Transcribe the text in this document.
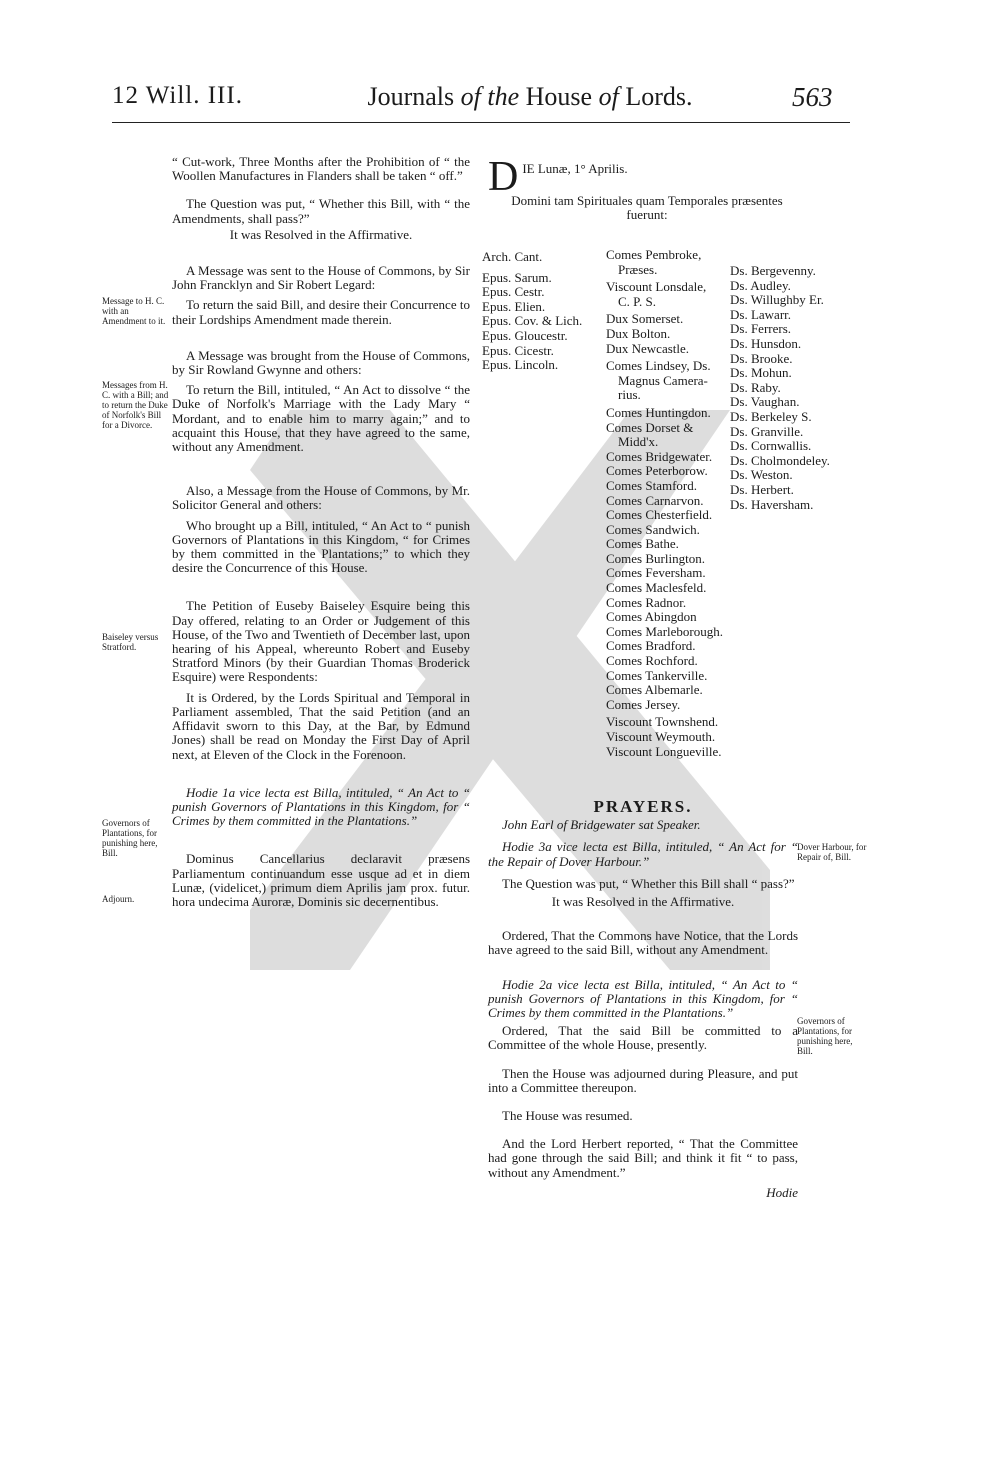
12 Will. III.	Journals of the House of Lords.	563
Message to H. C. with an Amendment to it.
Messages from H. C. with a Bill; and to return the Duke of Norfolk's Bill for a Divorce.
Baiseley versus Stratford.
Governors of Plantations, for punishing here, Bill.
Adjourn.

“ Cut-work, Three Months after the Prohibition of “ the Woollen Manufactures in Flanders shall be taken “ off.”

The Question was put, “ Whether this Bill, with “ the Amendments, shall pass?”

It was Resolved in the Affirmative.

A Message was sent to the House of Commons, by Sir John Francklyn and Sir Robert Legard:

To return the said Bill, and desire their Concurrence to their Lordships Amendment made therein.

A Message was brought from the House of Commons, by Sir Rowland Gwynne and others:

To return the Bill, intituled, “ An Act to dissolve “ the Duke of Norfolk's Marriage with the Lady Mary “ Mordant, and to enable him to marry again;” and to acquaint this House, that they have agreed to the same, without any Amendment.

Also, a Message from the House of Commons, by Mr. Solicitor General and others:

Who brought up a Bill, intituled, “ An Act to “ punish Governors of Plantations in this Kingdom, “ for Crimes by them committed in the Plantations;” to which they desire the Concurrence of this House.

The Petition of Euseby Baiseley Esquire being this Day offered, relating to an Order or Judgement of this House, of the Two and Twentieth of December last, upon hearing of his Appeal, whereunto Robert and Euseby Stratford Minors (by their Guardian Thomas Broderick Esquire) were Respondents:

It is Ordered, by the Lords Spiritual and Temporal in Parliament assembled, That the said Petition (and an Affidavit sworn to this Day, at the Bar, by Edmund Jones) shall be read on Monday the First Day of April next, at Eleven of the Clock in the Forenoon.

Hodie 1a vice lecta est Billa, intituled, “ An Act to “ punish Governors of Plantations in this Kingdom, for “ Crimes by them committed in the Plantations.”

Dominus Cancellarius declaravit præsens Parliamentum continuandum esse usque ad et in diem Lunæ, (videlicet,) primum diem Aprilis jam prox. futur. hora undecima Auroræ, Dominis sic decernentibus.

DIE Lunæ, 1° Aprilis.

Domini tam Spirituales quam Temporales præsentes fuerunt:

Arch. Cant.
Epus. Sarum.
Epus. Cestr.
Epus. Elien.
Epus. Cov. & Lich.
Epus. Gloucestr.
Epus. Cicestr.
Epus. Lincoln.
Comes Pembroke,
Præses.
Viscount Lonsdale,
C. P. S.
Dux Somerset.
Dux Bolton.
Dux Newcastle.
Comes Lindsey, Ds.
Magnus Camera-
rius.
Comes Huntingdon.
Comes Dorset &
Midd'x.
Comes Bridgewater.
Comes Peterborow.
Comes Stamford.
Comes Carnarvon.
Comes Chesterfield.
Comes Sandwich.
Comes Bathe.
Comes Burlington.
Comes Feversham.
Comes Maclesfeld.
Comes Radnor.
Comes Abingdon
Comes Marleborough.
Comes Bradford.
Comes Rochford.
Comes Tankerville.
Comes Albemarle.
Comes Jersey.
Viscount Townshend.
Viscount Weymouth.
Viscount Longueville.
Ds. Bergevenny.
Ds. Audley.
Ds. Willughby Er.
Ds. Lawarr.
Ds. Ferrers.
Ds. Hunsdon.
Ds. Brooke.
Ds. Mohun.
Ds. Raby.
Ds. Vaughan.
Ds. Berkeley S.
Ds. Granville.
Ds. Cornwallis.
Ds. Cholmondeley.
Ds. Weston.
Ds. Herbert.
Ds. Haversham.
Dover Harbour, for Repair of, Bill.
Governors of Plantations, for punishing here, Bill.

PRAYERS.

John Earl of Bridgewater sat Speaker.

Hodie 3a vice lecta est Billa, intituled, “ An Act for “ the Repair of Dover Harbour.”

The Question was put, “ Whether this Bill shall “ pass?”

It was Resolved in the Affirmative.

Ordered, That the Commons have Notice, that the Lords have agreed to the said Bill, without any Amendment.

Hodie 2a vice lecta est Billa, intituled, “ An Act to “ punish Governors of Plantations in this Kingdom, for “ Crimes by them committed in the Plantations.”

Ordered, That the said Bill be committed to a Committee of the whole House, presently.

Then the House was adjourned during Pleasure, and put into a Committee thereupon.

The House was resumed.

And the Lord Herbert reported, “ That the Committee had gone through the said Bill; and think it fit “ to pass, without any Amendment.”

Hodie
